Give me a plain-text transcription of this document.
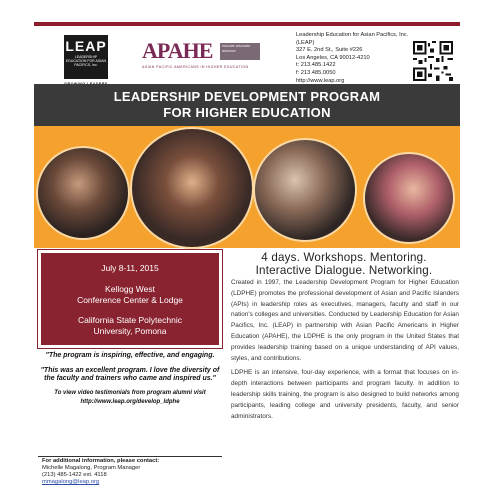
LEAP
LEADERSHIP EDUCATION FOR ASIAN PACIFICS, Inc.
APAHE	educate advocate advance
ASIAN PACIFIC AMERICANS IN HIGHER EDUCATION
Leadership Education for Asian Pacifics, Inc. (LEAP)
327 E. 2nd St., Suite #226
Los Angeles, CA 90012-4210
t: 213.485.1422
f: 213.485.0050
http://www.leap.org
LEADERSHIP DEVELOPMENT PROGRAM
FOR HIGHER EDUCATION

July 8-11, 2015

Kellogg West

Conference Center & Lodge

California State Polytechnic

University, Pomona

"The program is inspiring, effective, and engaging.

"This was an excellent program. I love the diversity of the faculty and trainers who came and inspired us."

To view video testimonials from program alumni visit
http://www.leap.org/develop_ldphe
For additional information, please contact:
Michelle Magalong, Program Manager
(213) 485-1422 ext. 4118
mmagalong@leap.org
4 days. Workshops. Mentoring.
Interactive Dialogue. Networking.

Created in 1997, the Leadership Development Program for Higher Education (LDPHE) promotes the professional development of Asian and Pacific Islanders (APIs) in leadership roles as executives, managers, faculty and staff in our nation's colleges and universities. Conducted by Leadership Education for Asian Pacifics, Inc. (LEAP) in partnership with Asian Pacific Americans in Higher Education (APAHE), the LDPHE is the only program in the United States that provides leadership training based on a unique understanding of API values, styles, and contributions.

LDPHE is an intensive, four-day experience, with a format that focuses on in-depth interactions between participants and program faculty. In addition to leadership skills training, the program is also designed to build networks among participants, leading college and university presidents, faculty, and senior administrators.
